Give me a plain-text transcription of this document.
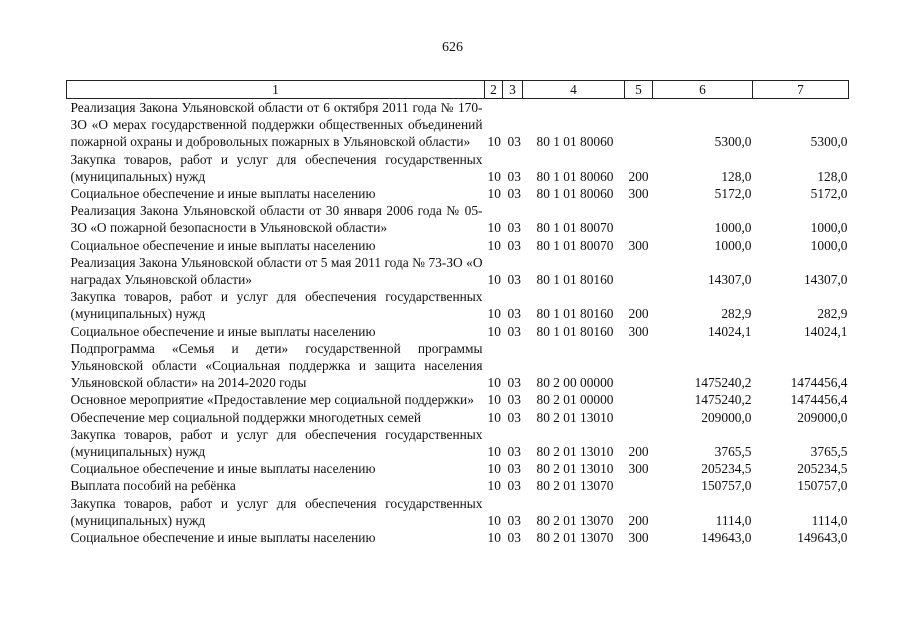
626
1	2	3	4	5	6	7
Реализация Закона Ульяновской области от 6 октября 2011 года № 170-ЗО «О мерах государственной поддержки общественных объединений пожарной охраны и добровольных пожарных в Ульяновской области»	10	03	80 1 01 80060		5300,0	5300,0
Закупка товаров, работ и услуг для обеспечения государственных (муниципальных) нужд	10	03	80 1 01 80060	200	128,0	128,0
Социальное обеспечение и иные выплаты населению	10	03	80 1 01 80060	300	5172,0	5172,0
Реализация Закона Ульяновской области от 30 января 2006 года № 05-ЗО «О пожарной безопасности в Ульяновской области»	10	03	80 1 01 80070		1000,0	1000,0
Социальное обеспечение и иные выплаты населению	10	03	80 1 01 80070	300	1000,0	1000,0
Реализация Закона Ульяновской области от 5 мая 2011 года № 73-ЗО «О наградах Ульяновской области»	10	03	80 1 01 80160		14307,0	14307,0
Закупка товаров, работ и услуг для обеспечения государственных (муниципальных) нужд	10	03	80 1 01 80160	200	282,9	282,9
Социальное обеспечение и иные выплаты населению	10	03	80 1 01 80160	300	14024,1	14024,1
Подпрограмма «Семья и дети» государственной программы Ульяновской области «Социальная поддержка и защита населения Ульяновской области» на 2014-2020 годы	10	03	80 2 00 00000		1475240,2	1474456,4
Основное мероприятие «Предоставление мер социальной поддержки»	10	03	80 2 01 00000		1475240,2	1474456,4
Обеспечение мер социальной поддержки многодетных семей	10	03	80 2 01 13010		209000,0	209000,0
Закупка товаров, работ и услуг для обеспечения государственных (муниципальных) нужд	10	03	80 2 01 13010	200	3765,5	3765,5
Социальное обеспечение и иные выплаты населению	10	03	80 2 01 13010	300	205234,5	205234,5
Выплата пособий на ребёнка	10	03	80 2 01 13070		150757,0	150757,0
Закупка товаров, работ и услуг для обеспечения государственных (муниципальных) нужд	10	03	80 2 01 13070	200	1114,0	1114,0
Социальное обеспечение и иные выплаты населению	10	03	80 2 01 13070	300	149643,0	149643,0
